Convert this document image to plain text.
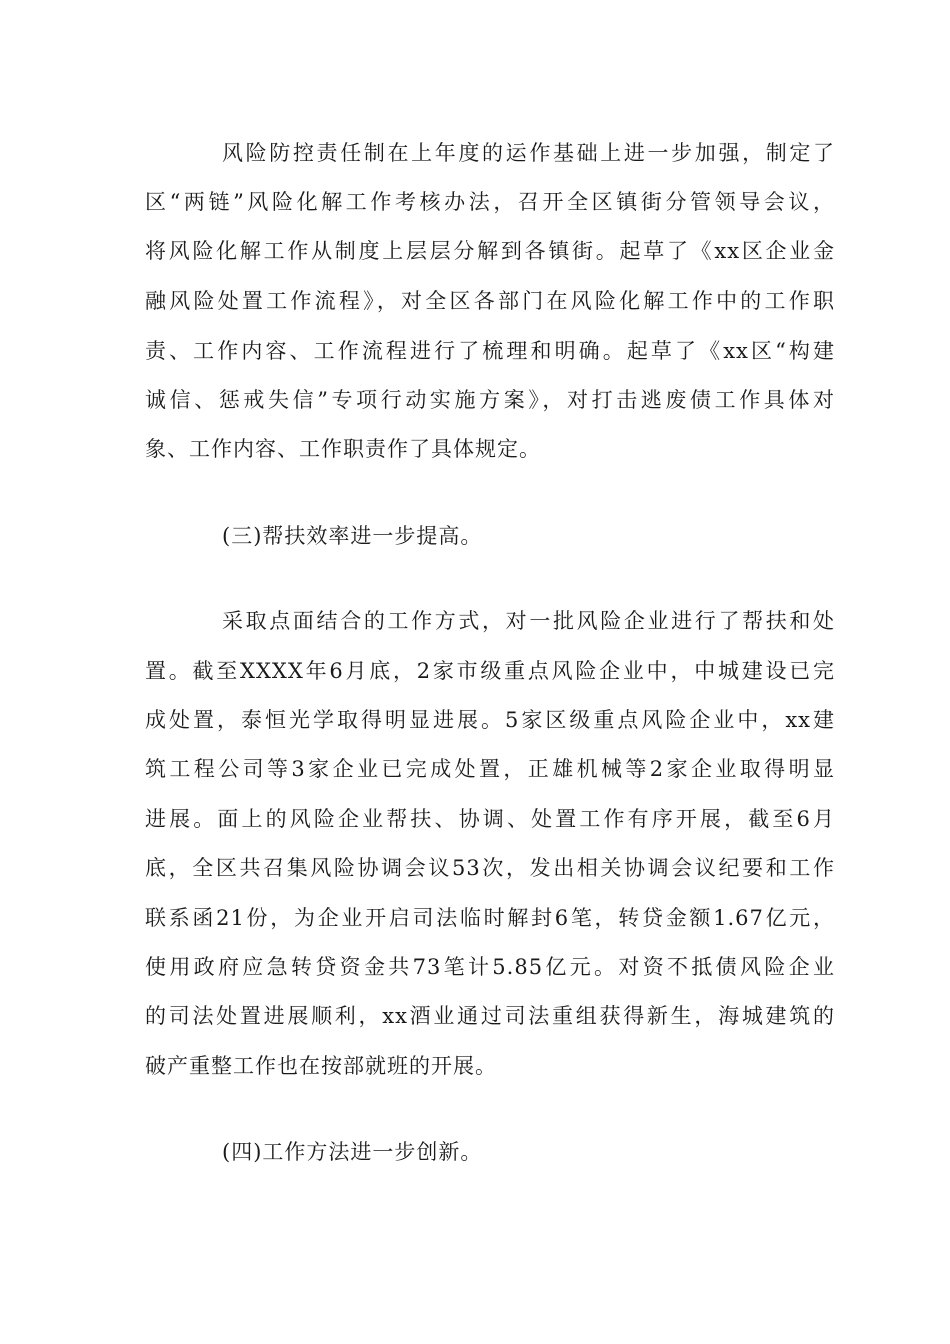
风险防控责任制在上年度的运作基础上进一步加强，制定了
区“两链”风险化解工作考核办法，召开全区镇街分管领导会议，
将风险化解工作从制度上层层分解到各镇街。起草了《xx区企业金
融风险处置工作流程》，对全区各部门在风险化解工作中的工作职
责、工作内容、工作流程进行了梳理和明确。起草了《xx区“构建
诚信、惩戒失信”专项行动实施方案》，对打击逃废债工作具体对
象、工作内容、工作职责作了具体规定。
(三)帮扶效率进一步提高。
采取点面结合的工作方式，对一批风险企业进行了帮扶和处
置。截至XXXX年6月底，2家市级重点风险企业中，中城建设已完
成处置，泰恒光学取得明显进展。5家区级重点风险企业中，xx建
筑工程公司等3家企业已完成处置，正雄机械等2家企业取得明显
进展。面上的风险企业帮扶、协调、处置工作有序开展，截至6月
底，全区共召集风险协调会议53次，发出相关协调会议纪要和工作
联系函21份，为企业开启司法临时解封6笔，转贷金额1.67亿元，
使用政府应急转贷资金共73笔计5.85亿元。对资不抵债风险企业
的司法处置进展顺利，xx酒业通过司法重组获得新生，海城建筑的
破产重整工作也在按部就班的开展。
(四)工作方法进一步创新。
